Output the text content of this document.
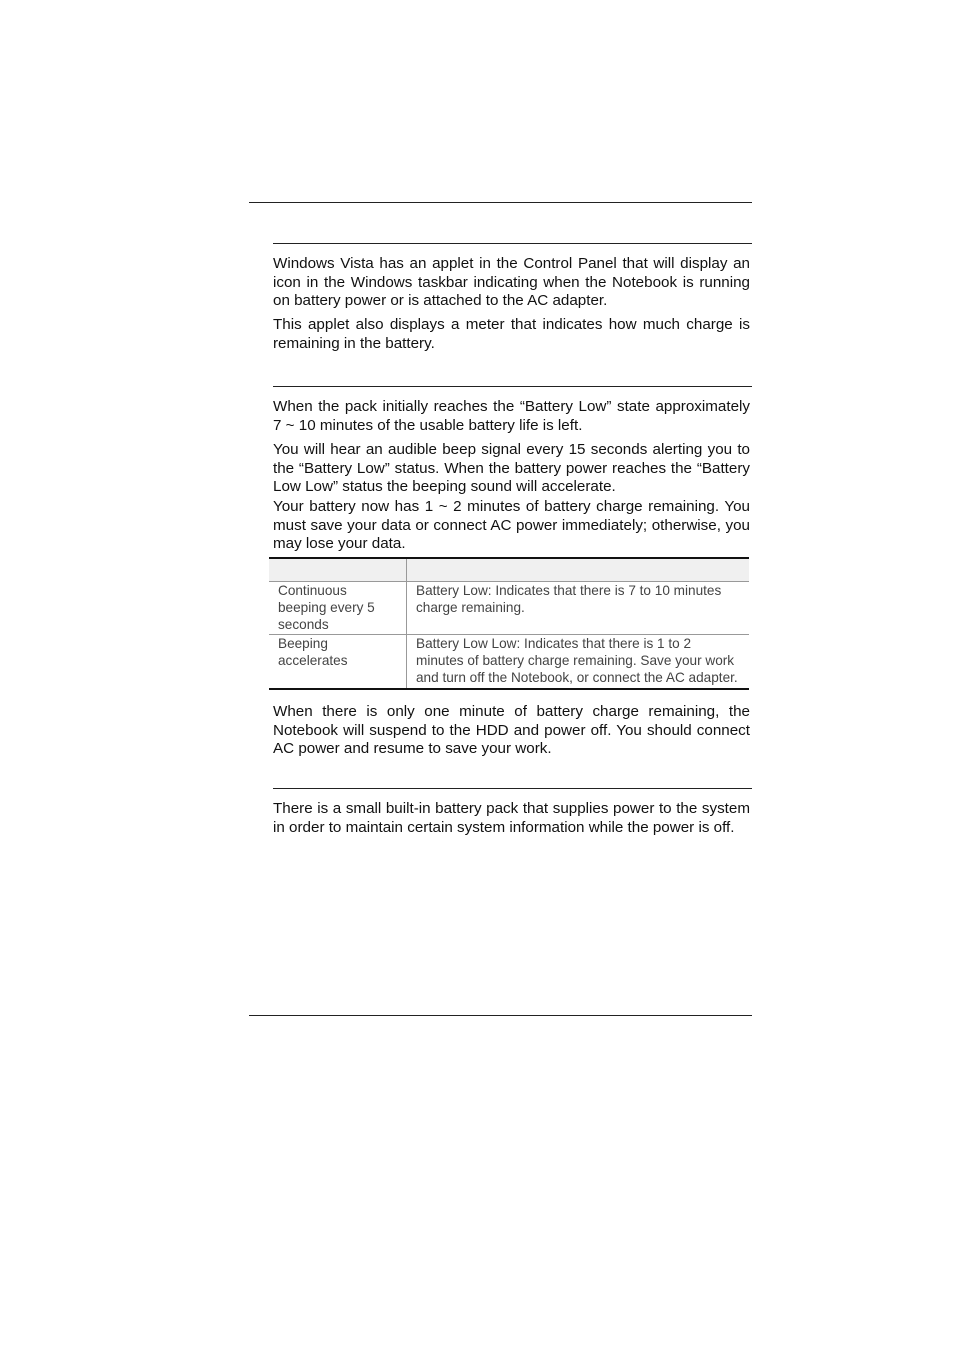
Windows Vista has an applet in the Control Panel that will display an icon in the Windows taskbar indicating when the Notebook is running on battery power or is attached to the AC adapter.

This applet also displays a meter that indicates how much charge is remaining in the battery.

When the pack initially reaches the “Battery Low” state approximately 7 ~ 10 minutes of the usable battery life is left.

You will hear an audible beep signal every 15 seconds alerting you to the “Battery Low” status. When the battery power reaches the “Battery Low Low” status the beeping sound will accelerate.

Your battery now has 1 ~ 2 minutes of battery charge remaining. You must save your data or connect AC power immediately; otherwise, you may lose your data.

Continuous beeping every 5 seconds	Battery Low: Indicates that there is 7 to 10 minutes charge remaining.
Beeping accelerates	Battery Low Low: Indicates that there is 1 to 2 minutes of battery charge remaining. Save your work and turn off the Notebook, or connect the AC adapter.

When there is only one minute of battery charge remaining, the Notebook will suspend to the HDD and power off. You should connect AC power and resume to save your work.

There is a small built-in battery pack that supplies power to the system in order to maintain certain system information while the power is off.
